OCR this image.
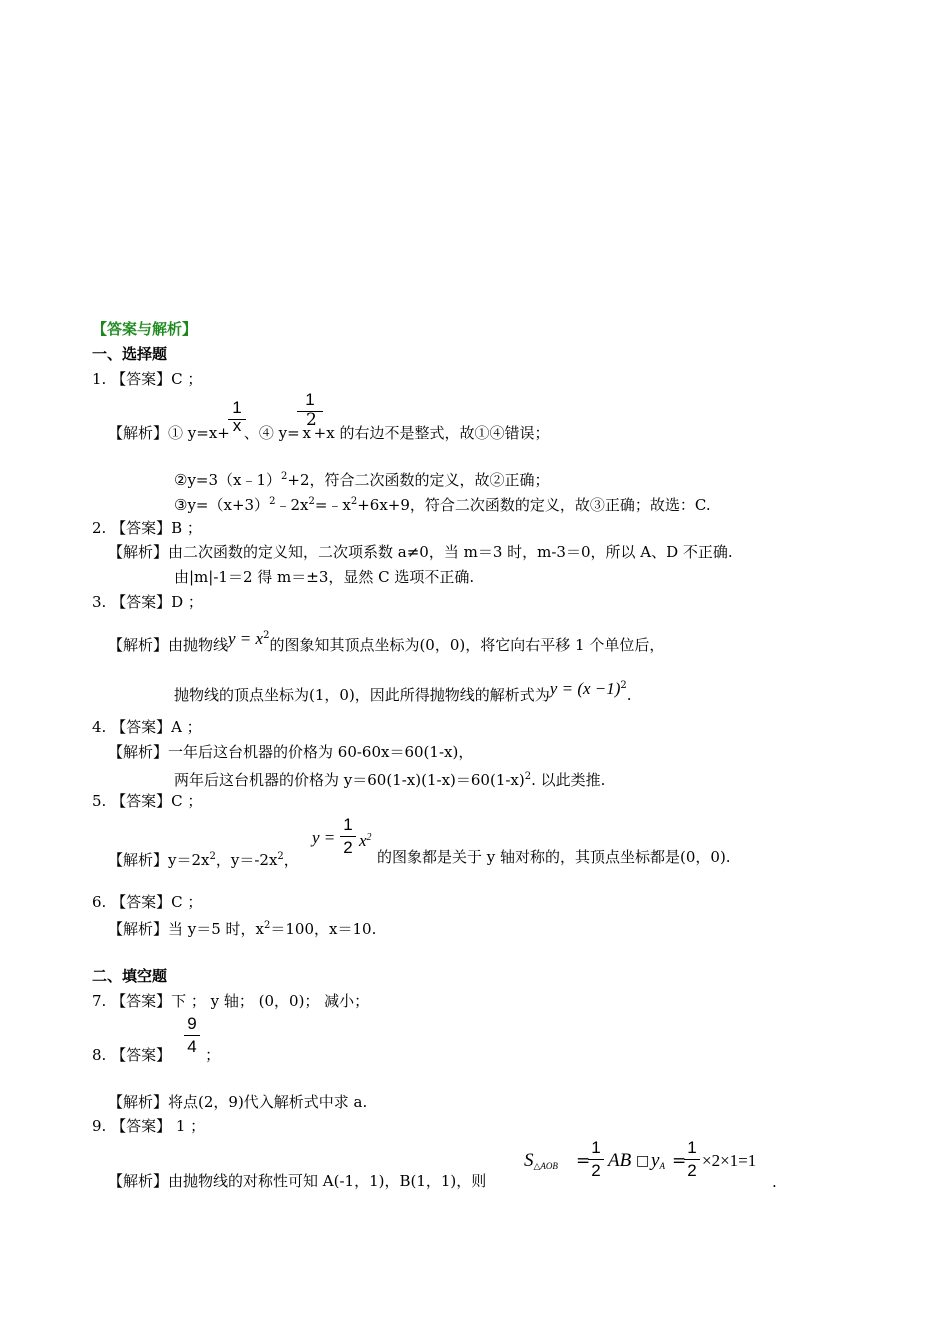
【答案与解析】
一、选择题
1. 【答案】C ；
1
x
1
2
【解析】① y=x+ 、④ y= x +x 的右边不是整式，故①④错误；
②y=3（x﹣1）$^2$+2，符合二次函数的定义，故②正确；
$③y=(x+3)^2﹣2x^2=﹣x^2+6x+9$，符合二次函数的定义，故③正确；故选：C.
2. 【答案】B ；
【解析】由二次函数的定义知，二次项系数 a≠0，当 m＝3 时，m-3＝0，所以 A、D 不正确.
由|m|-1＝2 得 m＝±3，显然 C 选项不正确.
3. 【答案】D ；
【解析】由抛物线$y = x^2$的图象知其顶点坐标为(0，0)，将它向右平移 1 个单位后，
抛物线的顶点坐标为(1，0)，因此所得抛物线的解析式为$y = (x -1)^2$.
4. 【答案】A ；
【解析】一年后这台机器的价格为 60-60x＝60(1-x)，
两年后这台机器的价格为 $y=60(1-x)(1-x)=60(1-x)^2$. 以此类推.
5. 【答案】C ；
y =
1
2 $x^2$
【解析】$y=2x^2$，$y=-2x^2$，	的图象都是关于 y 轴对称的，其顶点坐标都是(0，0).
6. 【答案】C ；
【解析】当 y＝5 时，$x^2=100$，x＝10.
二、填空题
7. 【答案】下 ； y 轴； (0，0)； 减小；
9
4
8. 【答案】 ；
【解析】将点(2，9)代入解析式中求 a.
9. 【答案】 1 ；
【解析】由抛物线的对称性可知 A(-1，1)，B(1，1)，则
$S_{\triangle AOB}$ =
1
2 AB □ $y_A$ =
1
2
×2×1=1
.
